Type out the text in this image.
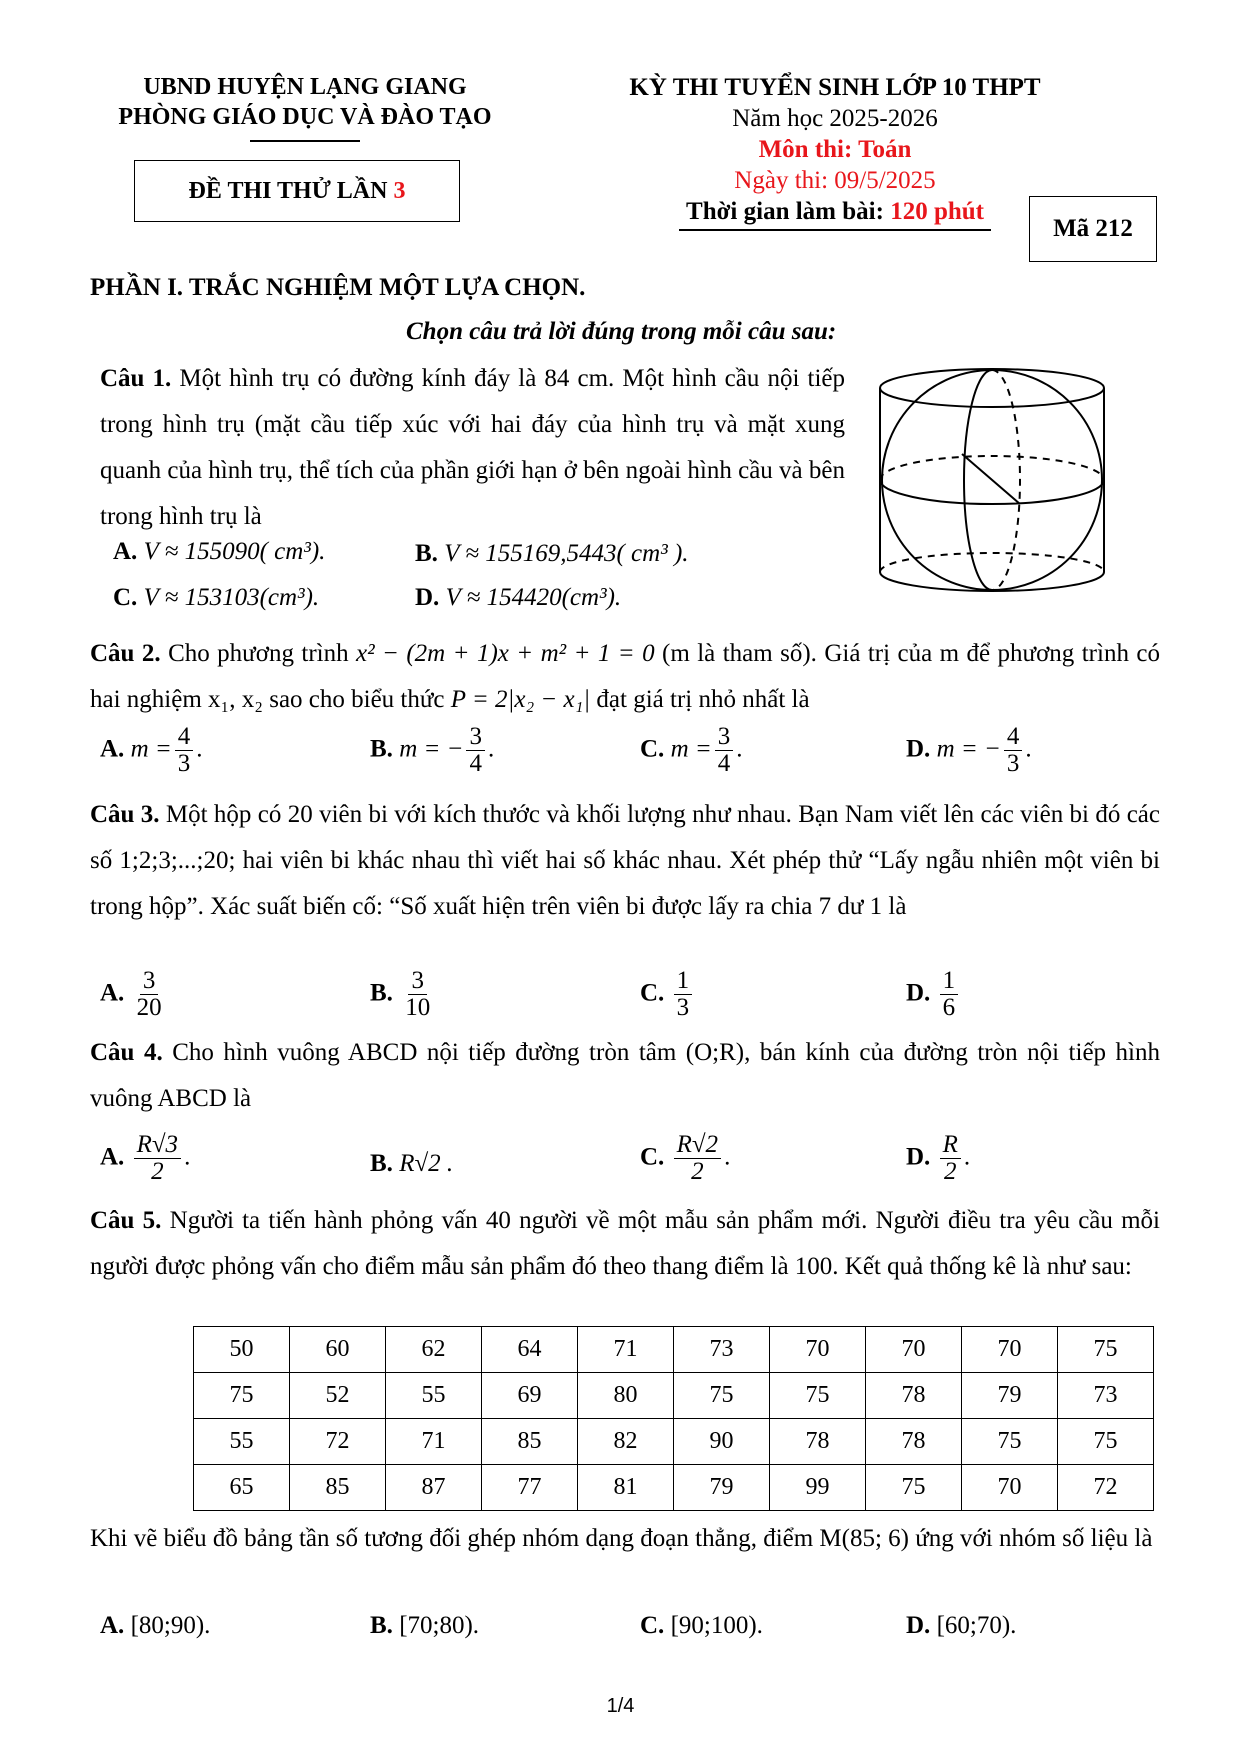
UBND HUYỆN LẠNG GIANG
PHÒNG GIÁO DỤC VÀ ĐÀO TẠO
ĐỀ THI THỬ LẦN
3
KỲ THI TUYỂN SINH LỚP 10 THPT
Năm học 2025-2026
Môn thi: Toán
Ngày thi: 09/5/2025
Thời gian làm bài: 120 phút
Mã 212
PHẦN I. TRẮC NGHIỆM MỘT LỰA CHỌN.
Chọn câu trả lời đúng trong mỗi câu sau:
Câu 1. Một hình trụ có đường kính đáy là 84 cm. Một hình cầu nội tiếp trong hình trụ (mặt cầu tiếp xúc với hai đáy của hình trụ và mặt xung quanh của hình trụ, thể tích của phần giới hạn ở bên ngoài hình cầu và bên trong hình trụ là
A. V ≈ 155090( cm³).	B. V ≈ 155169,5443( cm³ ).
C. V ≈ 153103(cm³).	D. V ≈ 154420(cm³).
Câu 2. Cho phương trình x² − (2m + 1)x + m² + 1 = 0 (m là tham số). Giá trị của m để phương trình có hai nghiệm x₁, x₂ sao cho biểu thức P = 2|x₂ − x₁| đạt giá trị nhỏ nhất là
A. $m = \frac{4}{3}$ .	B. m = − $\frac{3}{4}$ .	C. $m = \frac{3}{4}$ .	D. m = − $\frac{4}{3}$ .
Câu 3. Một hộp có 20 viên bi với kích thước và khối lượng như nhau. Bạn Nam viết lên các viên bi đó các số 1;2;3;...;20; hai viên bi khác nhau thì viết hai số khác nhau. Xét phép thử “Lấy ngẫu nhiên một viên bi trong hộp”. Xác suất biến cố: “Số xuất hiện trên viên bi được lấy ra chia 7 dư 1 là
A. $\frac{3}{20}$	B. $\frac{3}{10}$	C. $\frac{1}{3}$	D. $\frac{1}{6}$
Câu 4. Cho hình vuông ABCD nội tiếp đường tròn tâm (O;R), bán kính của đường tròn nội tiếp hình vuông ABCD là
A. $\frac{R√3}{2}$ .	B. R√2 .	C. $\frac{R√2}{2}$ .	D. $\frac{R}{2}$ .
Câu 5. Người ta tiến hành phỏng vấn 40 người về một mẫu sản phẩm mới. Người điều tra yêu cầu mỗi người được phỏng vấn cho điểm mẫu sản phẩm đó theo thang điểm là 100. Kết quả thống kê là như sau:
50	60	62	64	71	73	70	70	70	75
75	52	55	69	80	75	75	78	79	73
55	72	71	85	82	90	78	78	75	75
65	85	87	77	81	79	99	75	70	72
Khi vẽ biểu đồ bảng tần số tương đối ghép nhóm dạng đoạn thẳng, điểm M(85; 6) ứng với nhóm số liệu là
A. [80;90).	B. [70;80).	C. [90;100).	D. [60;70).
1/4
